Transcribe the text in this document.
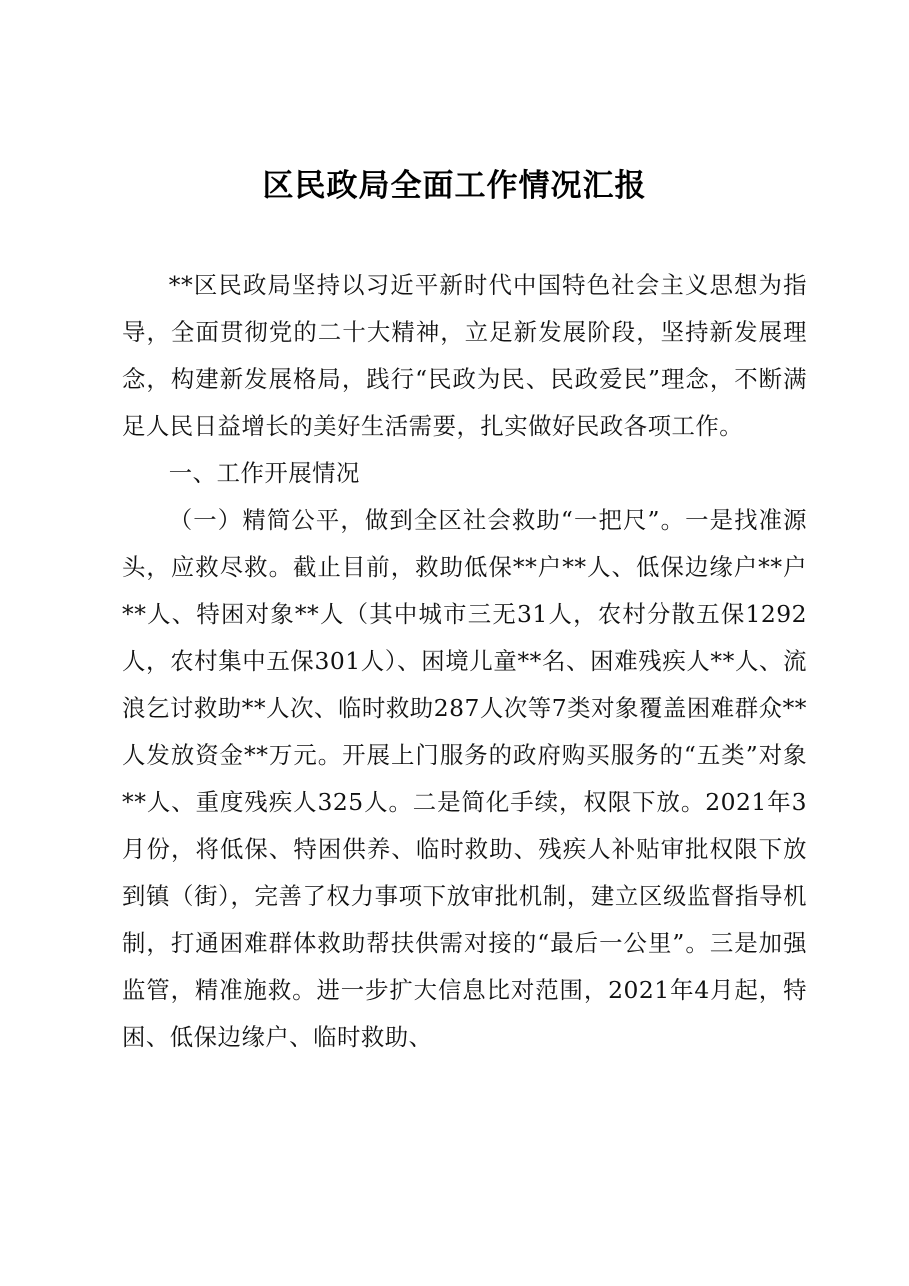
区民政局全面工作情况汇报

**区民政局坚持以习近平新时代中国特色社会主义思想为指导，全面贯彻党的二十大精神，立足新发展阶段，坚持新发展理念，构建新发展格局，践行“民政为民、民政爱民”理念，不断满足人民日益增长的美好生活需要，扎实做好民政各项工作。

一、工作开展情况

（一）精简公平，做到全区社会救助“一把尺”。一是找准源头，应救尽救。截止目前，救助低保**户**人、低保边缘户**户**人、特困对象**人（其中城市三无31人，农村分散五保1292人，农村集中五保301人）、困境儿童**名、困难残疾人**人、流浪乞讨救助**人次、临时救助287人次等7类对象覆盖困难群众**人发放资金**万元。开展上门服务的政府购买服务的“五类”对象**人、重度残疾人325人。二是简化手续，权限下放。2021年3月份，将低保、特困供养、临时救助、残疾人补贴审批权限下放到镇（街），完善了权力事项下放审批机制，建立区级监督指导机制，打通困难群体救助帮扶供需对接的“最后一公里”。三是加强监管，精准施救。进一步扩大信息比对范围，2021年4月起，特困、低保边缘户、临时救助、
